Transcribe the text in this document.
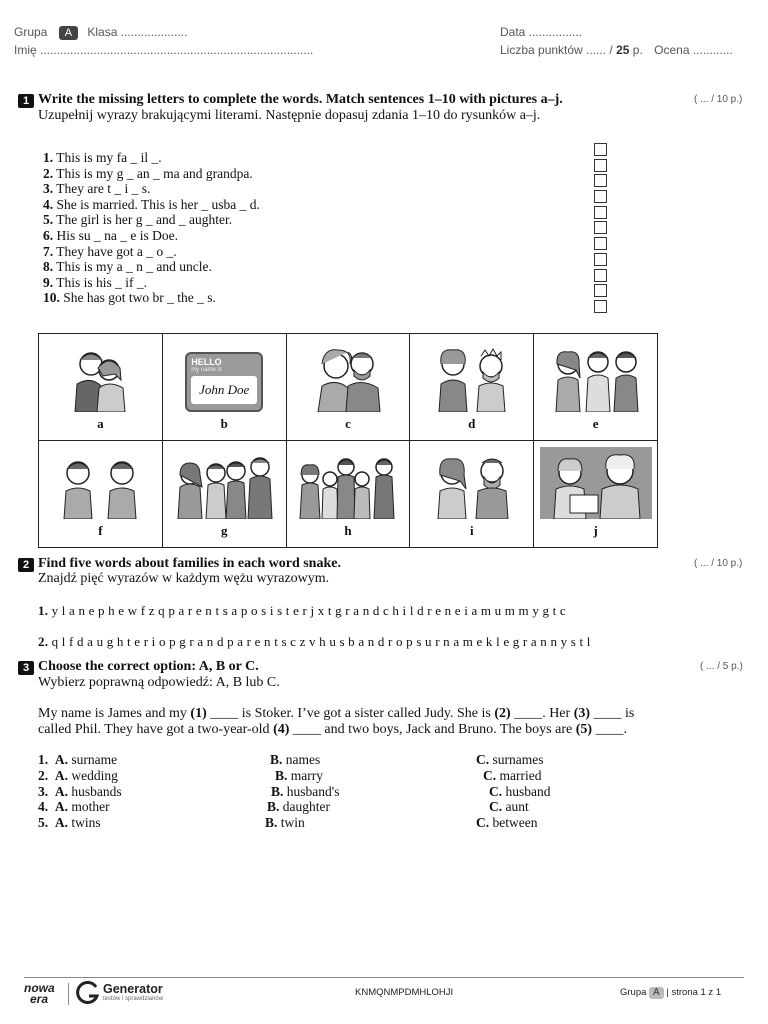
Grupa A Klasa ....................
Imię ..................................................................................
Data ................
Liczba punktów ...... / 25 p. Ocena ............
1 Write the missing letters to complete the words. Match sentences 1–10 with pictures a–j.
Uzupełnij wyrazy brakującymi literami. Następnie dopasuj zdania 1–10 do rysunków a–j.
( ... / 10 p.)
1. This is my fa _ il _.
2. This is my g _ an _ ma and grandpa.
3. They are t _ i _ s.
4. She is married. This is her _ usba _ d.
5. The girl is her g _ and _ aughter.
6. His su _ na _ e is Doe.
7. They have got a _ o _.
8. This is my a _ n _ and uncle.
9. This is his _ if _.
10. She has got two br _ the _ s.
a	HELLO
my name is
John Doe
b	c	d	e

f	g	h	i	j
2 Find five words about families in each word snake.
Znajdź pięć wyrazów w każdym wężu wyrazowym.
( ... / 10 p.)
1. y l a n e p h e w f z q p a r e n t s a p o s i s t e r j x t g r a n d c h i l d r e n e i a m u m m y g t c
2. q l f d a u g h t e r i o p g r a n d p a r e n t s c z v h u s b a n d r o p s u r n a m e k l e g r a n n y s t l
3 Choose the correct option: A, B or C.
Wybierz poprawną odpowiedź: A, B lub C.
( ... / 5 p.)
My name is James and my (1) ____ is Stoker. I’ve got a sister called Judy. She is (2) ____. Her (3) ____ is
called Phil. They have got a two-year-old (4) ____ and two boys, Jack and Bruno. The boys are (5) ____.
1. A. surname	B. names	C. surnames
2. A. wedding	B. marry	C. married
3. A. husbands	B. husband's	C. husband
4. A. mother	B. daughter	C. aunt
5. A. twins	B. twin	C. between
nowa
era
Generator
testów i sprawdzianów
KNMQNMPDMHLOHJI	Grupa A | strona 1 z 1
